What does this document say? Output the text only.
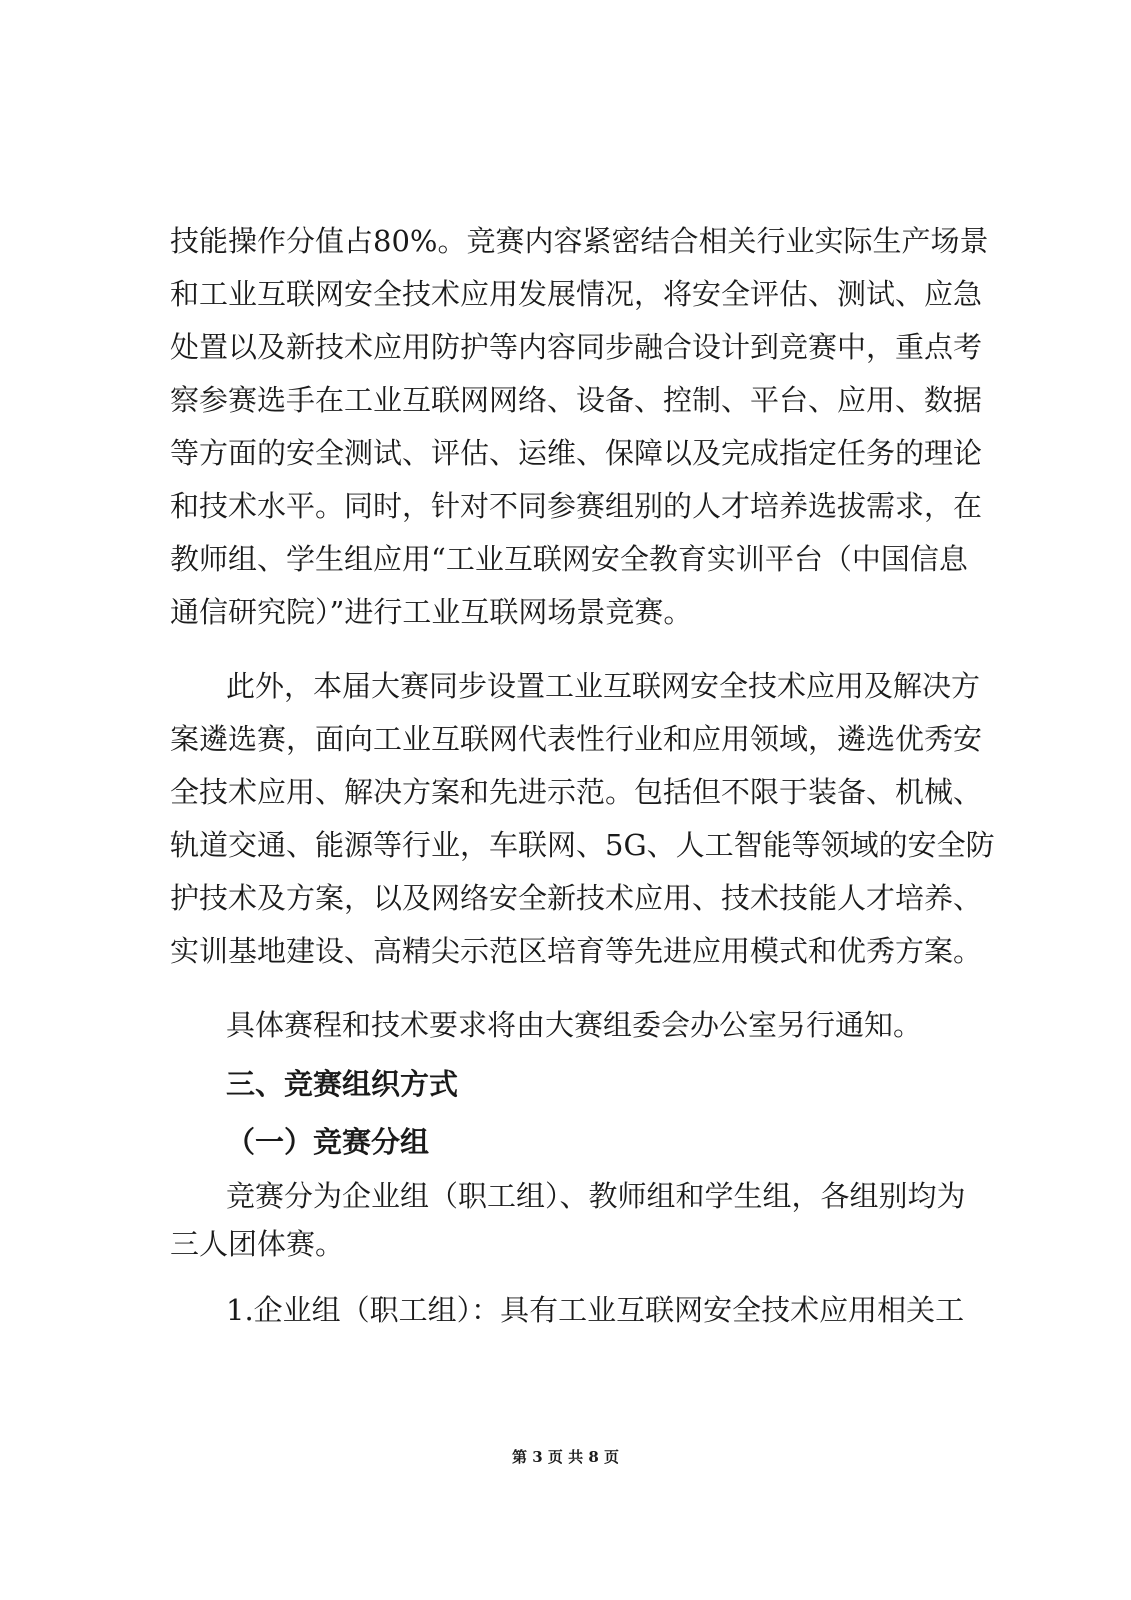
技能操作分值占80%。竞赛内容紧密结合相关行业实际生产场景
和工业互联网安全技术应用发展情况，将安全评估、测试、应急
处置以及新技术应用防护等内容同步融合设计到竞赛中，重点考
察参赛选手在工业互联网网络、设备、控制、平台、应用、数据
等方面的安全测试、评估、运维、保障以及完成指定任务的理论
和技术水平。同时，针对不同参赛组别的人才培养选拔需求，在
教师组、学生组应用“工业互联网安全教育实训平台（中国信息
通信研究院）”进行工业互联网场景竞赛。
此外，本届大赛同步设置工业互联网安全技术应用及解决方
案遴选赛，面向工业互联网代表性行业和应用领域，遴选优秀安
全技术应用、解决方案和先进示范。包括但不限于装备、机械、
轨道交通、能源等行业，车联网、5G、人工智能等领域的安全防
护技术及方案，以及网络安全新技术应用、技术技能人才培养、
实训基地建设、高精尖示范区培育等先进应用模式和优秀方案。
具体赛程和技术要求将由大赛组委会办公室另行通知。
三、竞赛组织方式
（一）竞赛分组
竞赛分为企业组（职工组）、教师组和学生组，各组别均为
三人团体赛。
1.企业组（职工组）：具有工业互联网安全技术应用相关工
第 3 页 共 8 页
